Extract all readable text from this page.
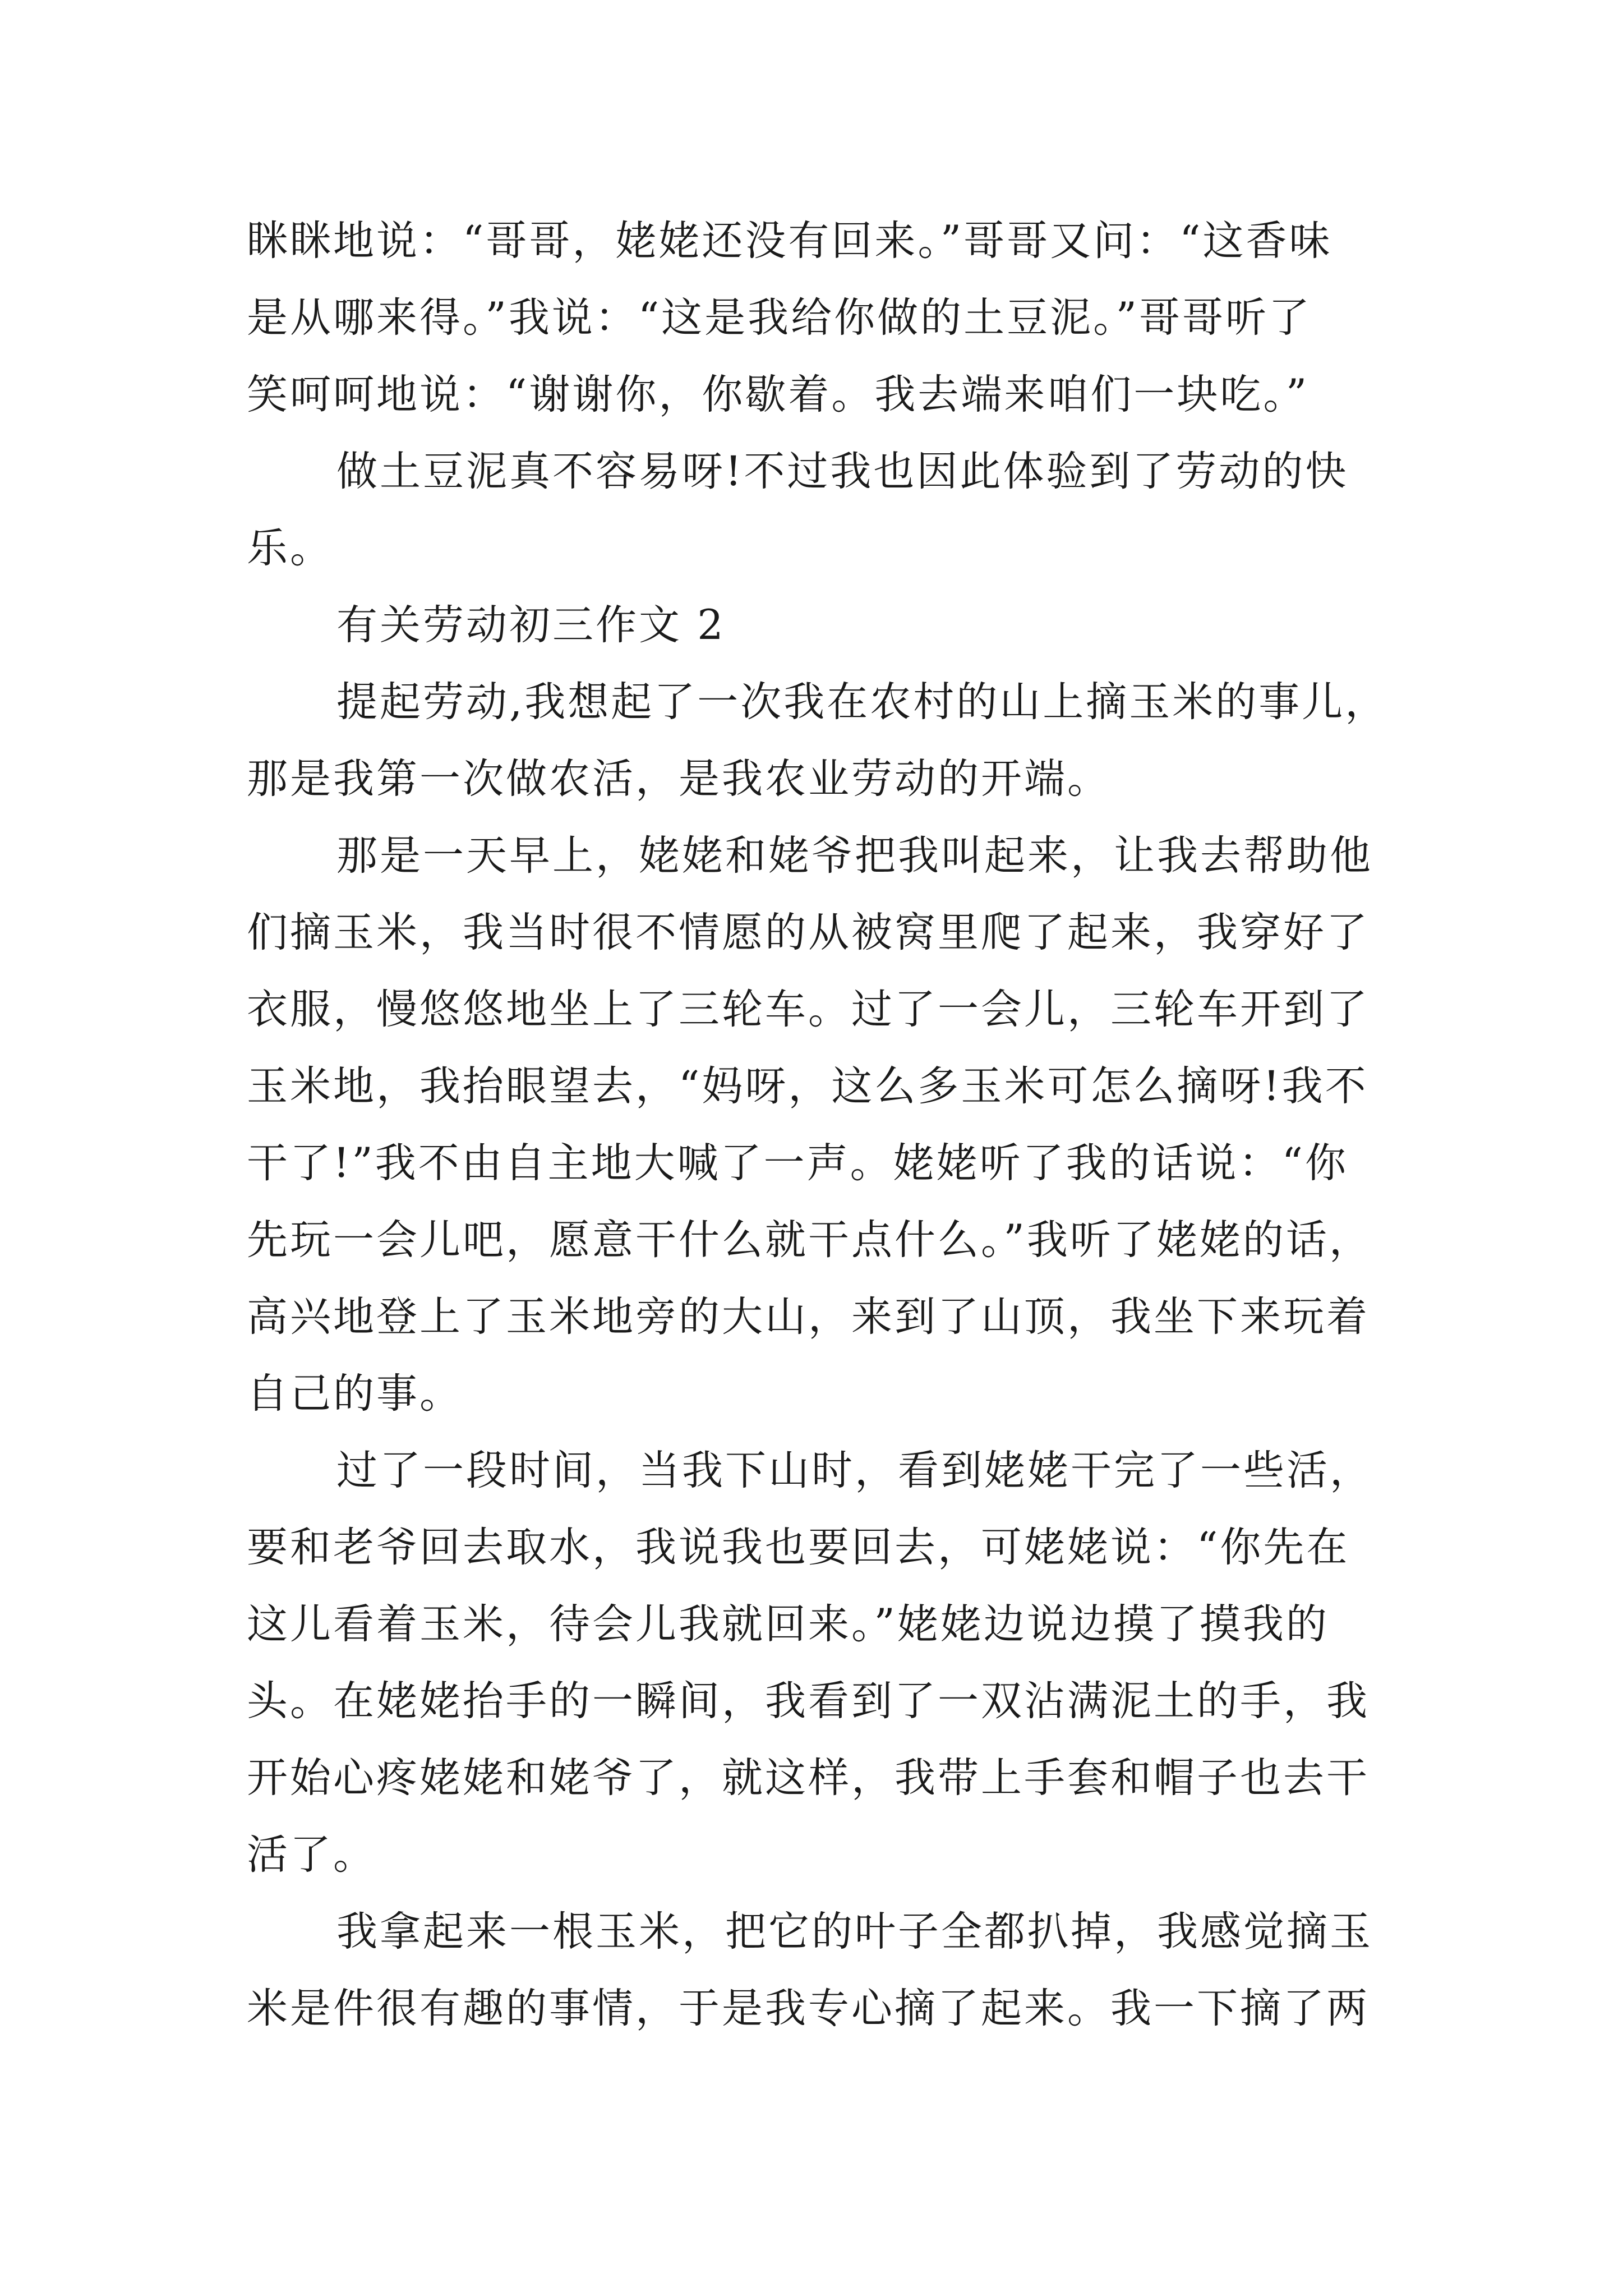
眯眯地说：“哥哥，姥姥还没有回来。”哥哥又问：“这香味
是从哪来得。”我说：“这是我给你做的土豆泥。”哥哥听了
笑呵呵地说：“谢谢你，你歇着。我去端来咱们一块吃。”
做土豆泥真不容易呀!不过我也因此体验到了劳动的快
乐。
有关劳动初三作文 2
提起劳动,我想起了一次我在农村的山上摘玉米的事儿，
那是我第一次做农活，是我农业劳动的开端。
那是一天早上，姥姥和姥爷把我叫起来，让我去帮助他
们摘玉米，我当时很不情愿的从被窝里爬了起来，我穿好了
衣服，慢悠悠地坐上了三轮车。过了一会儿，三轮车开到了
玉米地，我抬眼望去，“妈呀，这么多玉米可怎么摘呀!我不
干了!”我不由自主地大喊了一声。姥姥听了我的话说：“你
先玩一会儿吧，愿意干什么就干点什么。”我听了姥姥的话，
高兴地登上了玉米地旁的大山，来到了山顶，我坐下来玩着
自己的事。
过了一段时间，当我下山时，看到姥姥干完了一些活，
要和老爷回去取水，我说我也要回去，可姥姥说：“你先在
这儿看着玉米，待会儿我就回来。”姥姥边说边摸了摸我的
头。在姥姥抬手的一瞬间，我看到了一双沾满泥土的手，我
开始心疼姥姥和姥爷了，就这样，我带上手套和帽子也去干
活了。
我拿起来一根玉米，把它的叶子全都扒掉，我感觉摘玉
米是件很有趣的事情，于是我专心摘了起来。我一下摘了两
